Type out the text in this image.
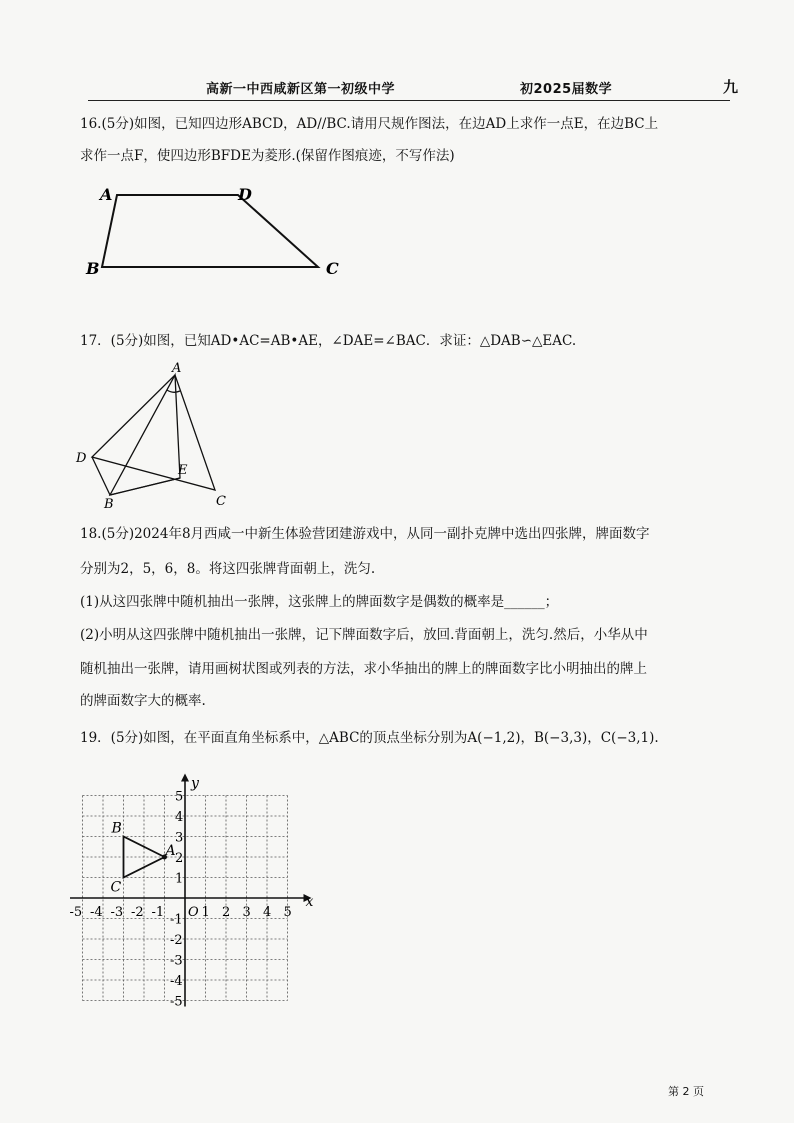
高新一中西咸新区第一初级中学	初2025届数学	九
16.(5分)如图，已知四边形ABCD，AD//BC.请用尺规作图法，在边AD上求作一点E，在边BC上
求作一点F，使四边形BFDE为菱形.(保留作图痕迹，不写作法)
A	D
B	C
17．(5分)如图，已知AD•AC=AB•AE，∠DAE=∠BAC．求证：△DAB∽△EAC.
A
D
E
B	C
18.(5分)2024年8月西咸一中新生体验营团建游戏中，从同一副扑克牌中选出四张牌，牌面数字
分别为2，5，6，8。将这四张牌背面朝上，洗匀.
(1)从这四张牌中随机抽出一张牌，这张牌上的牌面数字是偶数的概率是______；
(2)小明从这四张牌中随机抽出一张牌，记下牌面数字后，放回.背面朝上，洗匀.然后，小华从中
随机抽出一张牌，请用画树状图或列表的方法，求小华抽出的牌上的牌面数字比小明抽出的牌上
的牌面数字大的概率.
19．(5分)如图，在平面直角坐标系中，△ABC的顶点坐标分别为A(−1,2)，B(−3,3)，C(−3,1).
x
y
O
-5 -4 -3 -2 -1	1 2 3 4 5
5
4
3
2
1
-1
-2
-3
-4
-5
A
B
C
第 2 页
